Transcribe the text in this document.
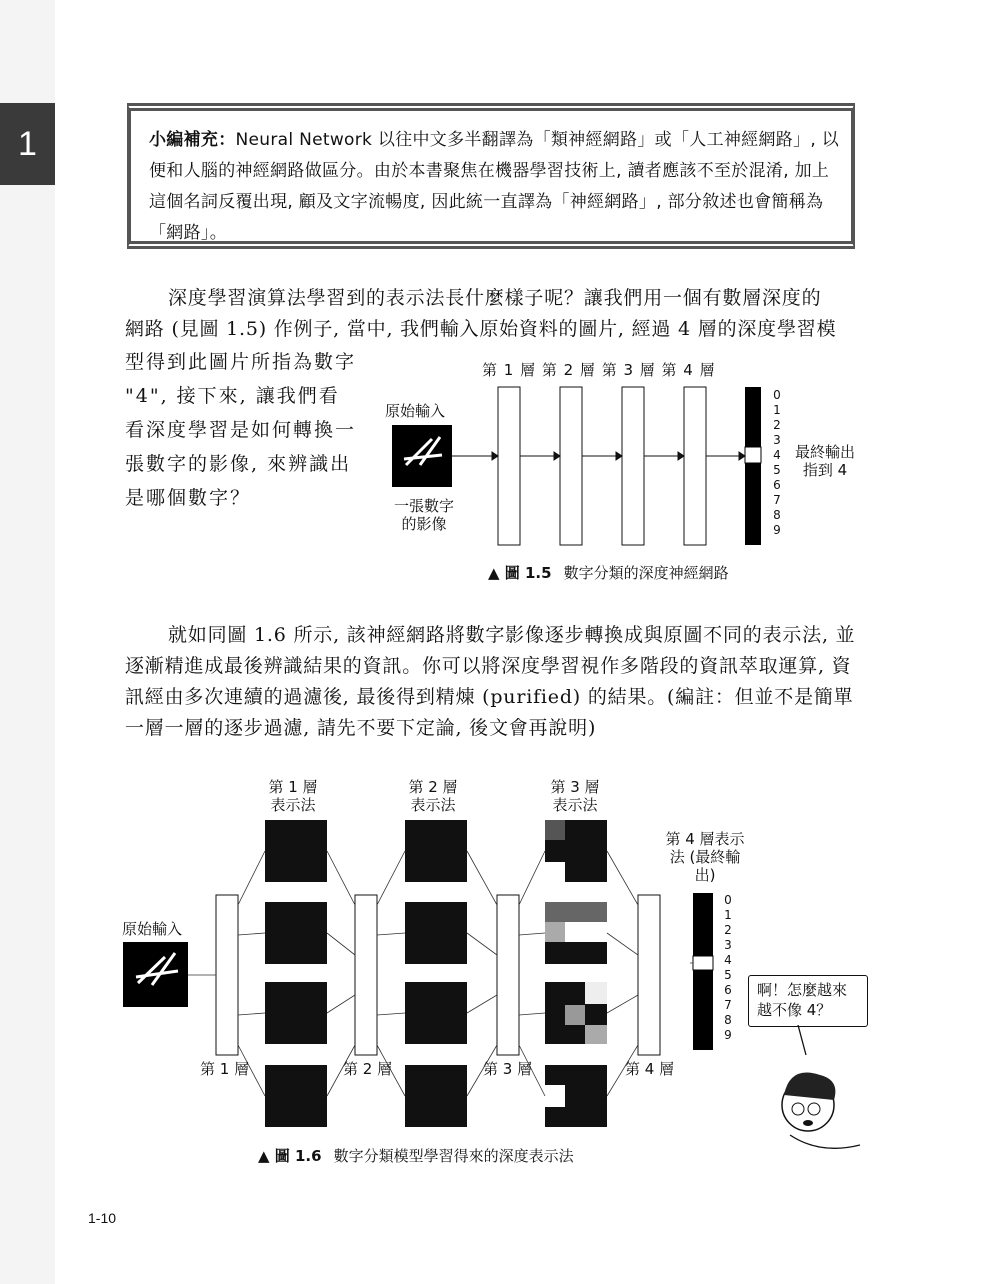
1	小編補充：Neural Network 以往中文多半翻譯為「類神經網路」或「人工神經網路」, 以便和人腦的神經網路做區分。由於本書聚焦在機器學習技術上, 讀者應該不至於混淆, 加上這個名詞反覆出現, 顧及文字流暢度, 因此統一直譯為「神經網路」, 部分敘述也會簡稱為「網路」。
深度學習演算法學習到的表示法長什麼樣子呢？讓我們用一個有數層深度的
網路 (見圖 1.5) 作例子, 當中, 我們輸入原始資料的圖片, 經過 4 層的深度學習模
型得到此圖片所指為數字 "4", 接下來, 讓我們看看深度學習是如何轉換一張數字的影像, 來辨識出是哪個數字？
第 1 層 第 2 層 第 3 層 第 4 層
原始輸入
一張數字的影像
0
1
2
3
4
5
6
7
8
9
最終輸出指到 4
▲ 圖 1.5 數字分類的深度神經網路
就如同圖 1.6 所示, 該神經網路將數字影像逐步轉換成與原圖不同的表示法, 並逐漸精進成最後辨識結果的資訊。你可以將深度學習視作多階段的資訊萃取運算, 資訊經由多次連續的過濾後, 最後得到精煉 (purified) 的結果。(編註：但並不是簡單一層一層的逐步過濾, 請先不要下定論, 後文會再說明)
第 1 層表示法
第 2 層表示法
第 3 層表示法
第 4 層表示法 (最終輸出)
原始輸入
第 1 層	第 2 層	第 3 層	第 4 層
0
1
2
3
4
5
6
7
8
9
啊！怎麼越來越不像 4？
▲ 圖 1.6 數字分類模型學習得來的深度表示法
1-10
